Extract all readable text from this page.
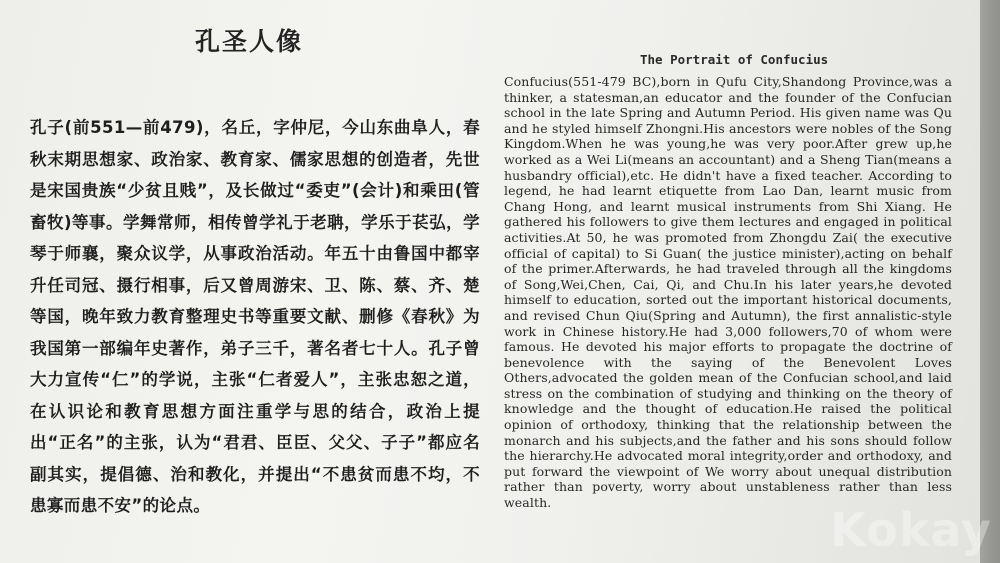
孔圣人像

孔子(前551—前479)，名丘，字仲尼，今山东曲阜人，春秋末期思想家、政治家、教育家、儒家思想的创造者，先世是宋国贵族“少贫且贱”，及长做过“委吏”(会计)和乘田(管畜牧)等事。学舞常师，相传曾学礼于老聃，学乐于苌弘，学琴于师襄，聚众议学，从事政治活动。年五十由鲁国中都宰升任司冠、摄行相事，后又曾周游宋、卫、陈、蔡、齐、楚等国，晚年致力教育整理史书等重要文献、删修《春秋》为我国第一部编年史著作，弟子三千，著名者七十人。孔子曾大力宣传“仁”的学说，主张“仁者爱人”，主张忠恕之道，在认识论和教育思想方面注重学与思的结合，政治上提出“正名”的主张，认为“君君、臣臣、父父、子子”都应名副其实，提倡德、治和教化，并提出“不患贫而患不均，不患寡而患不安”的论点。

The Portrait of Confucius

Confucius(551-479 BC),born in Qufu City,Shandong Province,was a thinker, a statesman,an educator and the founder of the Confucian school in the late Spring and Autumn Period. His given name was Qu and he styled himself Zhongni.His ancestors were nobles of the Song Kingdom.When he was young,he was very poor.After grew up,he worked as a Wei Li(means an accountant) and a Sheng Tian(means a husbandry official),etc. He didn't have a fixed teacher. According to legend, he had learnt etiquette from Lao Dan, learnt music from Chang Hong, and learnt musical instruments from Shi Xiang. He gathered his followers to give them lectures and engaged in political activities.At 50, he was promoted from Zhongdu Zai( the executive official of capital) to Si Guan( the justice minister),acting on behalf of the primer.Afterwards, he had traveled through all the kingdoms of Song,Wei,Chen, Cai, Qi, and Chu.In his later years,he devoted himself to education, sorted out the important historical documents, and revised Chun Qiu(Spring and Autumn), the first annalistic-style work in Chinese history.He had 3,000 followers,70 of whom were famous. He devoted his major efforts to propagate the doctrine of benevolence with the saying of the Benevolent Loves Others,advocated the golden mean of the Confucian school,and laid stress on the combination of studying and thinking on the theory of knowledge and the thought of education.He raised the political opinion of orthodoxy, thinking that the relationship between the monarch and his subjects,and the father and his sons should follow the hierarchy.He advocated moral integrity,order and orthodoxy, and put forward the viewpoint of We worry about unequal distribution rather than poverty, worry about unstableness rather than less wealth.

Kokay
